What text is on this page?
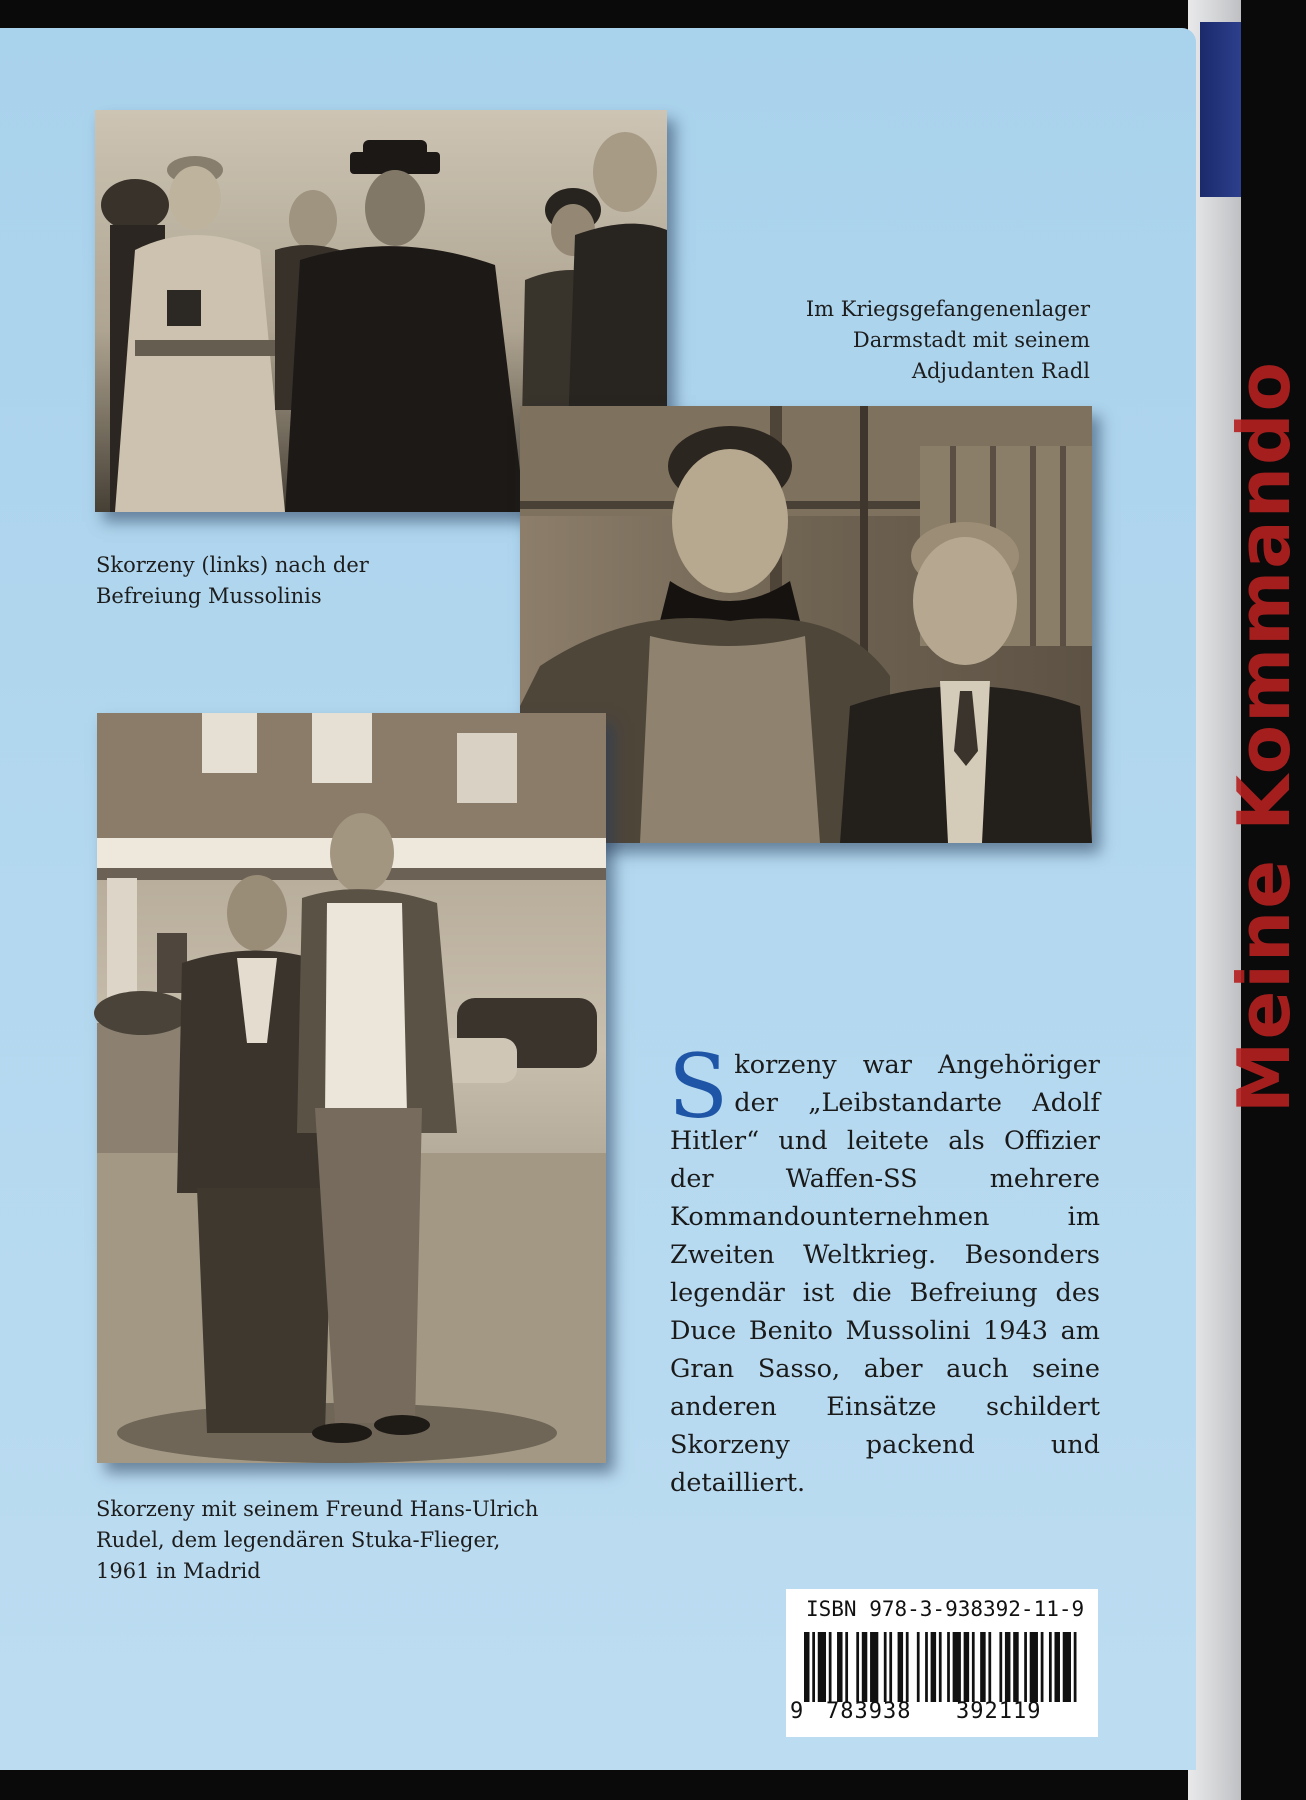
Meine Kommando

Skorzeny (links) nach der
Befreiung Mussolinis

Im Kriegsgefangenenlager
Darmstadt mit seinem
Adjudanten Radl

Skorzeny mit seinem Freund Hans-Ulrich
Rudel, dem legendären Stuka-Flieger,
1961 in Madrid

Skorzeny war Angehöriger der „Leibstandarte Adolf Hitler“ und leitete als Offizier der Waffen-SS mehrere Kommandounternehmen im Zweiten Weltkrieg. Besonders legendär ist die Befreiung des Duce Benito Mussolini 1943 am Gran Sasso, aber auch seine anderen Einsätze schildert Skorzeny packend und detailliert.

ISBN 978-3-938392-11-9
9 783938 392119
